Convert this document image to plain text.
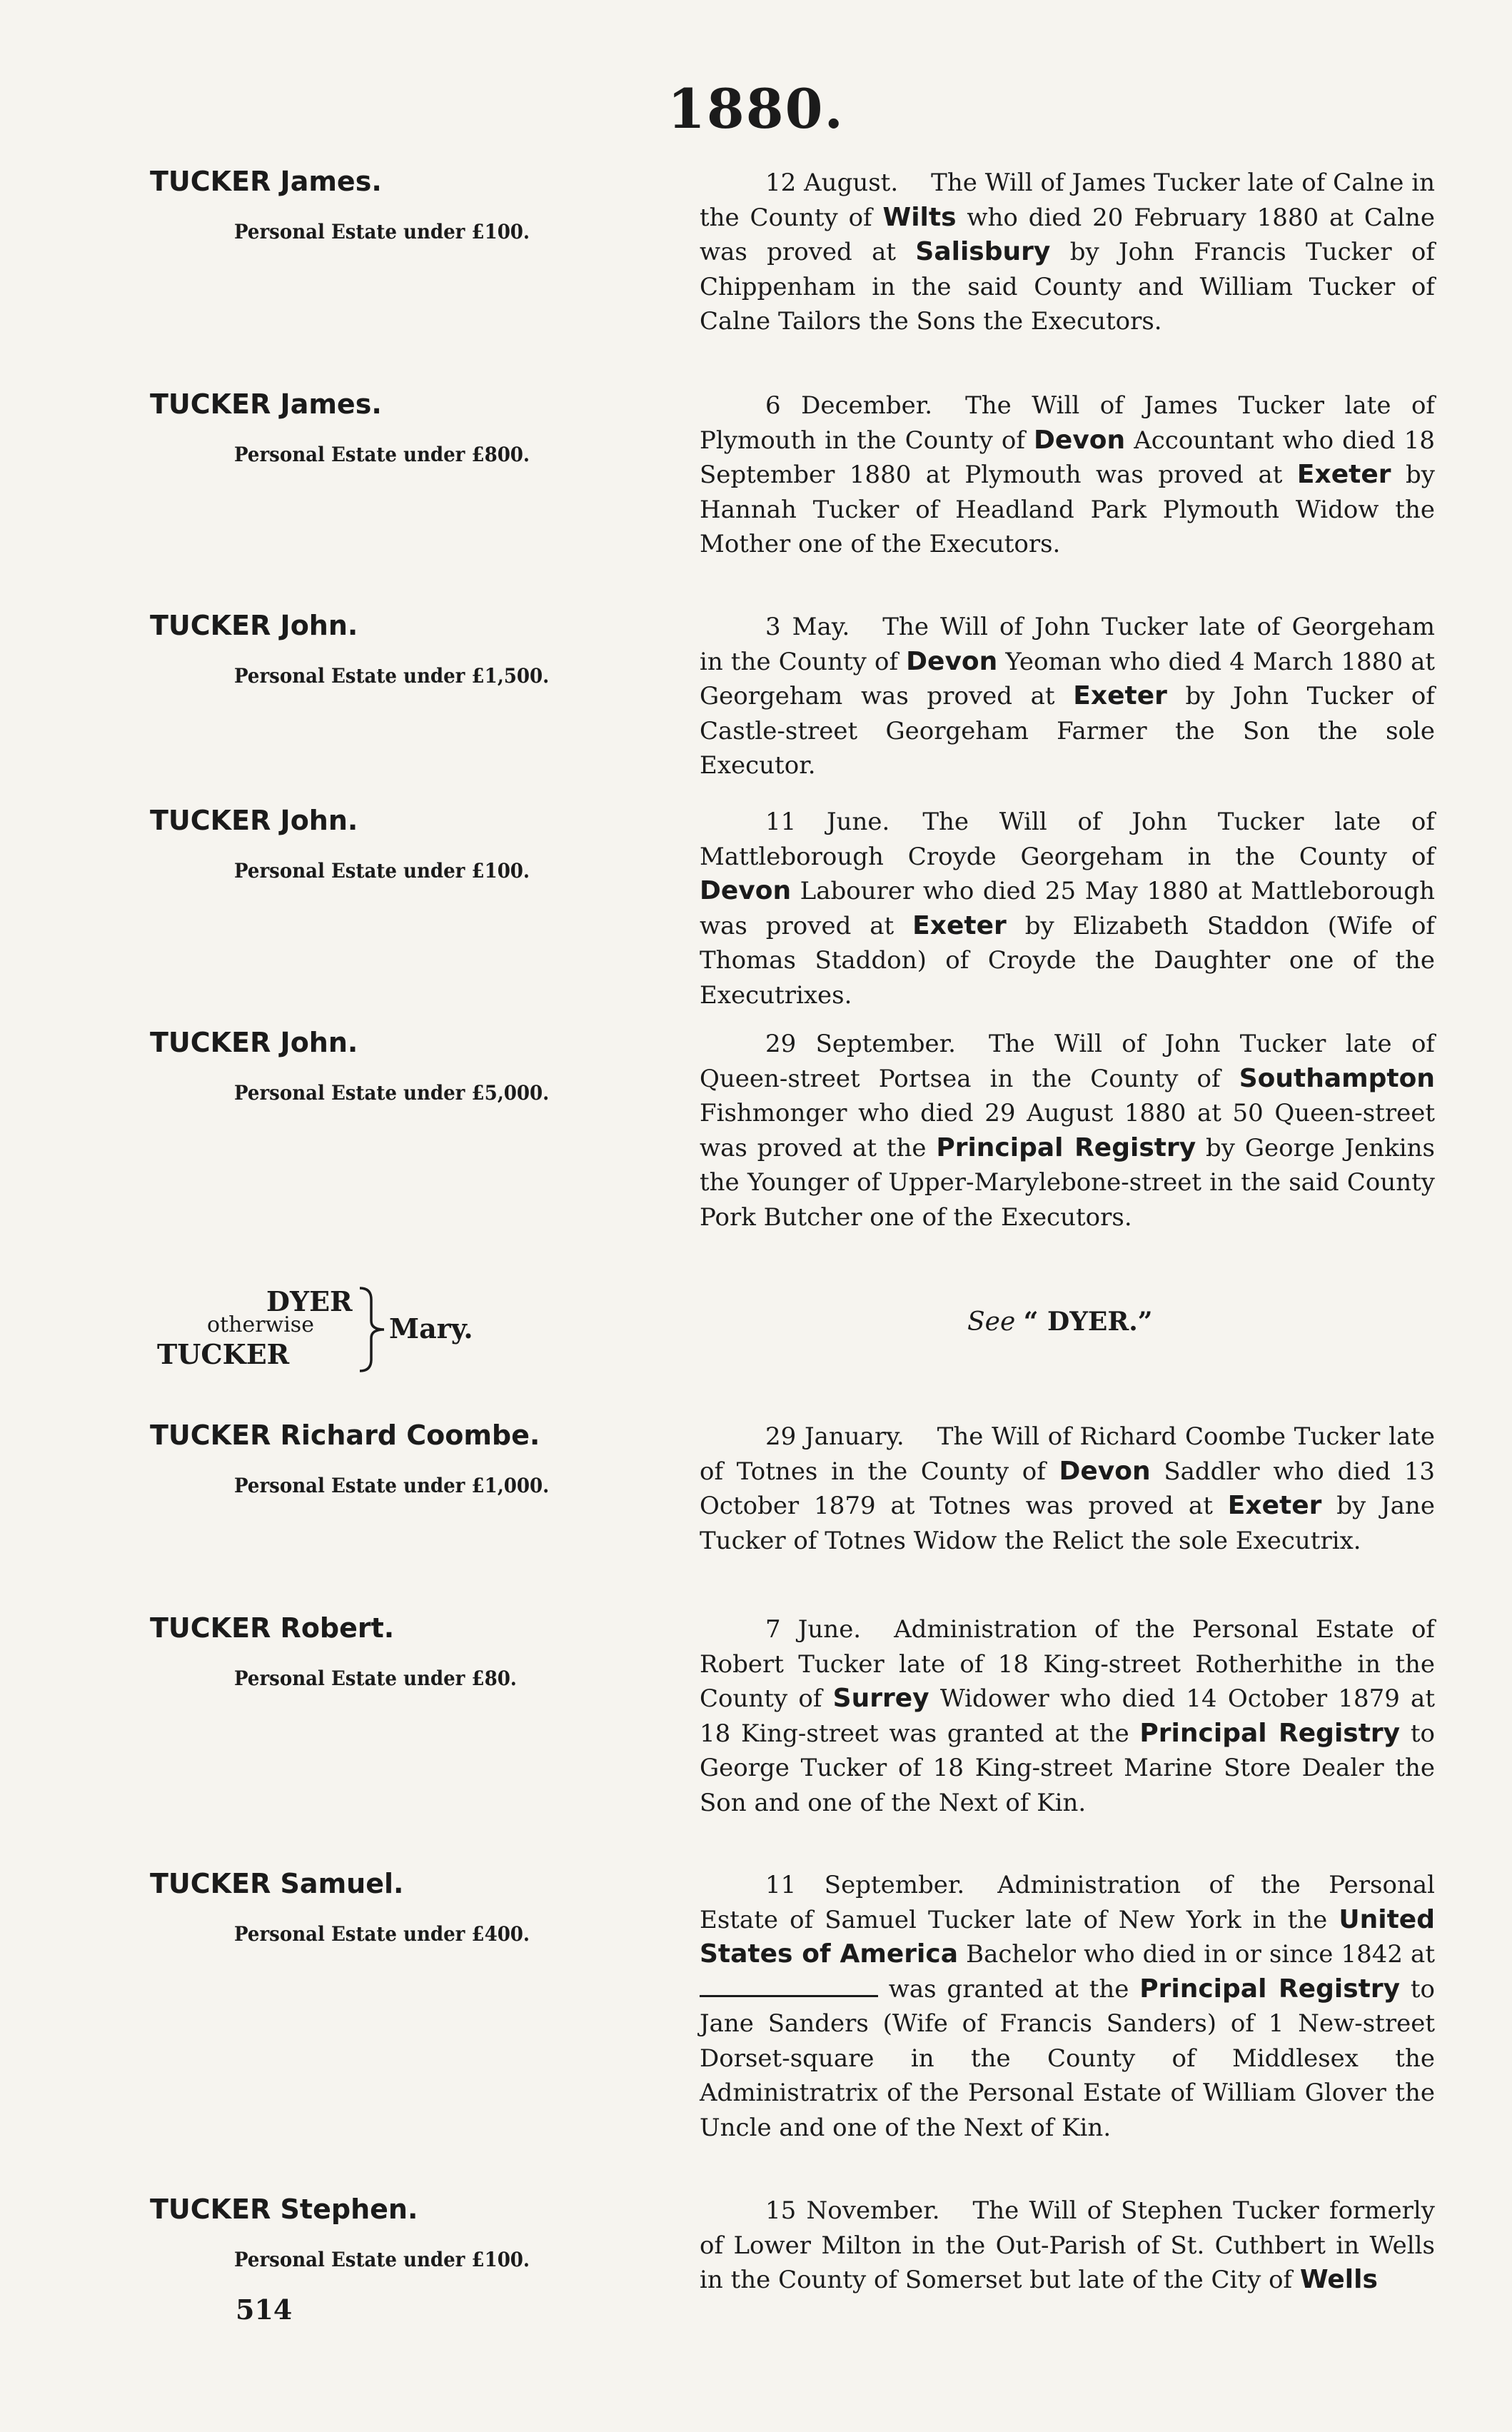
1880.
TUCKER James.
Personal Estate under £100.
12 August. The Will of James Tucker late of Calne in the County of Wilts who died 20 February 1880 at Calne was proved at Salisbury by John Francis Tucker of Chippenham in the said County and William Tucker of Calne Tailors the Sons the Executors.
TUCKER James.
Personal Estate under £800.
6 December. The Will of James Tucker late of Plymouth in the County of Devon Accountant who died 18 September 1880 at Plymouth was proved at Exeter by Hannah Tucker of Headland Park Plymouth Widow the Mother one of the Executors.
TUCKER John.
Personal Estate under £1,500.
3 May. The Will of John Tucker late of Georgeham in the County of Devon Yeoman who died 4 March 1880 at Georgeham was proved at Exeter by John Tucker of Castle-street Georgeham Farmer the Son the sole Executor.
TUCKER John.
Personal Estate under £100.
11 June. The Will of John Tucker late of Mattleborough Croyde Georgeham in the County of Devon Labourer who died 25 May 1880 at Mattleborough was proved at Exeter by Elizabeth Staddon (Wife of Thomas Staddon) of Croyde the Daughter one of the Executrixes.
TUCKER John.
Personal Estate under £5,000.
29 September. The Will of John Tucker late of Queen-street Portsea in the County of Southampton Fishmonger who died 29 August 1880 at 50 Queen-street was proved at the Principal Registry by George Jenkins the Younger of Upper-Marylebone-street in the said County Pork Butcher one of the Executors.
DYER
otherwise
TUCKER
Mary.	See “ DYER.”
TUCKER Richard Coombe.
Personal Estate under £1,000.
29 January. The Will of Richard Coombe Tucker late of Totnes in the County of Devon Saddler who died 13 October 1879 at Totnes was proved at Exeter by Jane Tucker of Totnes Widow the Relict the sole Executrix.
TUCKER Robert.
Personal Estate under £80.
7 June. Administration of the Personal Estate of Robert Tucker late of 18 King-street Rotherhithe in the County of Surrey Widower who died 14 October 1879 at 18 King-street was granted at the Principal Registry to George Tucker of 18 King-street Marine Store Dealer the Son and one of the Next of Kin.
TUCKER Samuel.
Personal Estate under £400.
11 September. Administration of the Personal Estate of Samuel Tucker late of New York in the United States of America Bachelor who died in or since 1842 at  was granted at the Principal Registry to Jane Sanders (Wife of Francis Sanders) of 1 New-street Dorset-square in the County of Middlesex the Administratrix of the Personal Estate of William Glover the Uncle and one of the Next of Kin.
TUCKER Stephen.
Personal Estate under £100.
15 November. The Will of Stephen Tucker formerly of Lower Milton in the Out-Parish of St. Cuthbert in Wells in the County of Somerset but late of the City of Wells
514
